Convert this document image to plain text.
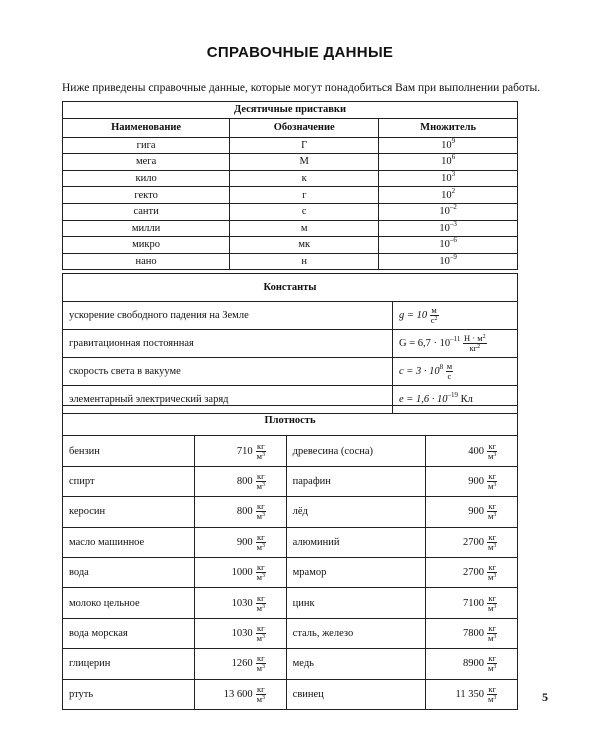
СПРАВОЧНЫЕ ДАННЫЕ
Ниже приведены справочные данные, которые могут понадобиться Вам при выполнении работы.
Десятичные приставки		
Наименование	Обозначение	Множитель
гига	Г	$10^9$
мега	М	$10^6$
кило	к	$10^3$
гекто	г	$10^2$
санти	с	$10^{-2}$
милли	м	$10^{-3}$
микро	мк	$10^{-6}$
нано	н	$10^{-9}$
Константы	
ускорение свободного падения на Земле	$g = 10 \frac{м}{с^2}$

гравитационная постоянная	$G = 6,7 \cdot 10^{-11} \frac{Н \cdot м^2}{кг^2}$

скорость света в вакууме	$c = 3 \cdot 10^8 \frac{м}{с}$

элементарный электрический заряд	$e = 1,6 \cdot 10^{-19}$ Кл
Плотность					
бензин	710	$\frac{кг}{м^3}$	древесина (сосна)	400	$\frac{кг}{м^3}$

спирт	800	$\frac{кг}{м^3}$	парафин	900	$\frac{кг}{м^3}$

керосин	800	$\frac{кг}{м^3}$	лёд	900	$\frac{кг}{м^3}$

масло машинное	900	$\frac{кг}{м^3}$	алюминий	2700	$\frac{кг}{м^3}$

вода	1000	$\frac{кг}{м^3}$	мрамор	2700	$\frac{кг}{м^3}$

молоко цельное	1030	$\frac{кг}{м^3}$	цинк	7100	$\frac{кг}{м^3}$

вода морская	1030	$\frac{кг}{м^3}$	сталь, железо	7800	$\frac{кг}{м^3}$

глицерин	1260	$\frac{кг}{м^3}$	медь	8900	$\frac{кг}{м^3}$

ртуть	13 600	$\frac{кг}{м^3}$	свинец	11 350	$\frac{кг}{м^3}$	5
